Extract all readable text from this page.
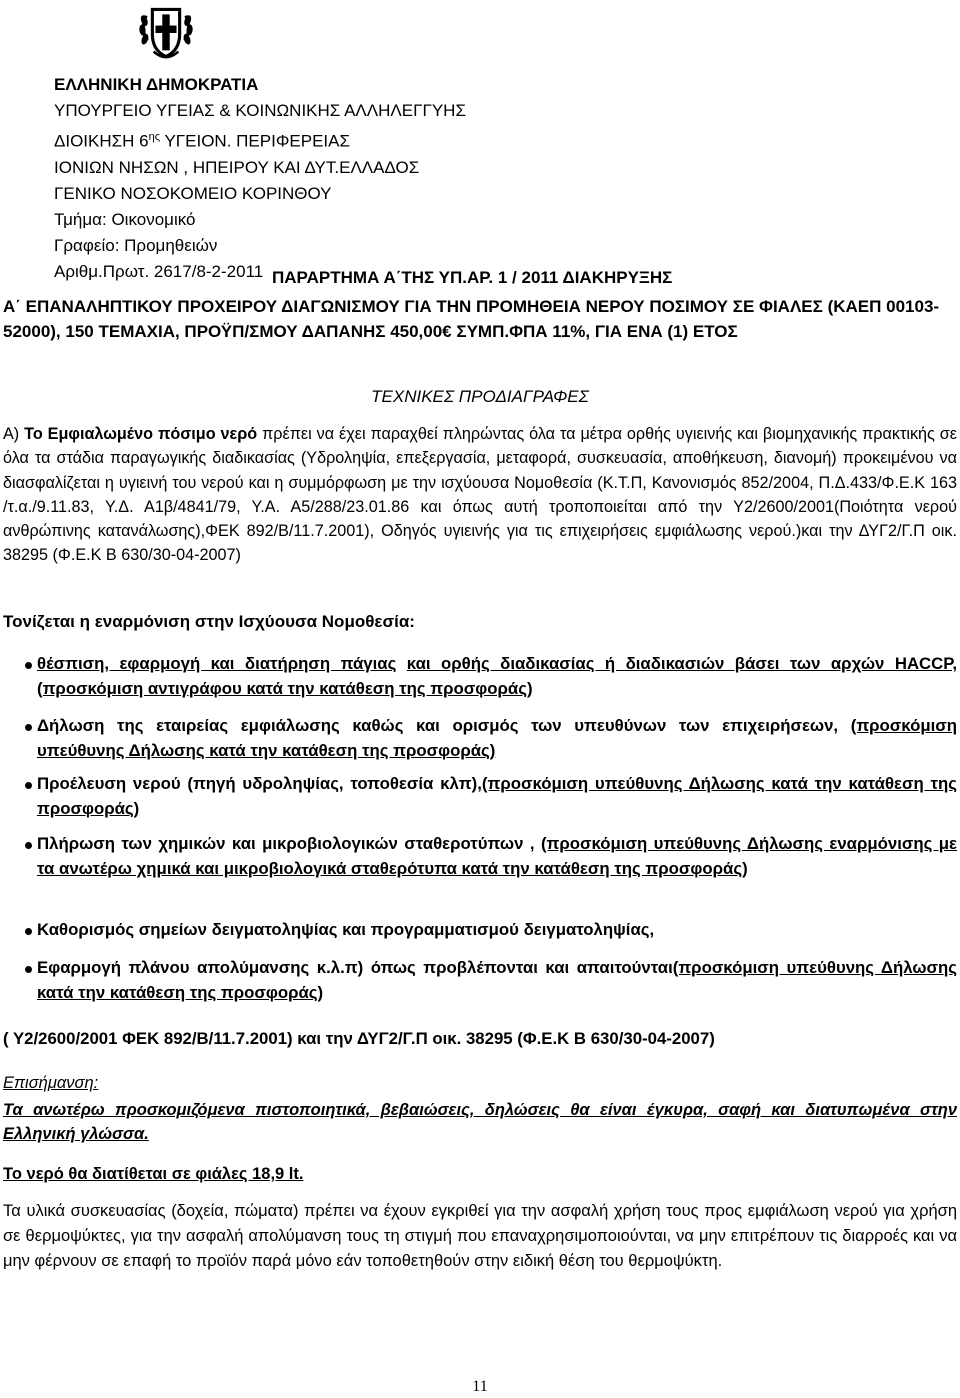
ΕΛΛΗΝΙΚΗ ΔΗΜΟΚΡΑΤΙΑ
ΥΠΟΥΡΓΕΙΟ ΥΓΕΙΑΣ & ΚΟΙΝΩΝΙΚΗΣ ΑΛΛΗΛΕΓΓΥΗΣ
ΔΙΟΙΚΗΣΗ $6^{\eta\varsigma}$ ΥΓΕΙΟΝ. ΠΕΡΙΦΕΡΕΙΑΣ
ΙΟΝΙΩΝ ΝΗΣΩΝ , ΗΠΕΙΡΟΥ ΚΑΙ ΔΥΤ.ΕΛΛΑΔΟΣ
ΓΕΝΙΚΟ ΝΟΣΟΚΟΜΕΙΟ ΚΟΡΙΝΘΟΥ
Τμήμα: Οικονομικό
Γραφείο: Προμηθειών
Αριθμ.Πρωτ. 2617/8-2-2011 ΠΑΡΑΡΤΗΜΑ Α΄ΤΗΣ ΥΠ.ΑΡ. 1 / 2011 ΔΙΑΚΗΡΥΞΗΣ
Α΄ ΕΠΑΝΑΛΗΠΤΙΚΟΥ ΠΡΟΧΕΙΡΟΥ ΔΙΑΓΩΝΙΣΜΟΥ ΓΙΑ ΤΗΝ ΠΡΟΜΗΘΕΙΑ ΝΕΡΟΥ ΠΟΣΙΜΟΥ ΣΕ ΦΙΑΛΕΣ (ΚΑΕΠ 00103-52000), 150 ΤΕΜΑΧΙΑ, ΠΡΟΫΠ/ΣΜΟΥ ΔΑΠΑΝΗΣ 450,00€ ΣΥΜΠ.ΦΠΑ 11%, ΓΙΑ ΕΝΑ (1) ΕΤΟΣ
ΤΕΧΝΙΚΕΣ ΠΡΟΔΙΑΓΡΑΦΕΣ
Α) Το Εμφιαλωμένο πόσιμο νερό πρέπει να έχει παραχθεί πληρώντας όλα τα μέτρα ορθής υγιεινής και βιομηχανικής πρακτικής σε όλα τα στάδια παραγωγικής διαδικασίας (Υδροληψία, επεξεργασία, μεταφορά, συσκευασία, αποθήκευση, διανομή) προκειμένου να διασφαλίζεται η υγιεινή του νερού και η συμμόρφωση με την ισχύουσα Νομοθεσία (Κ.Τ.Π, Κανονισμός 852/2004, Π.Δ.433/Φ.Ε.Κ 163 /τ.α./9.11.83, Υ.Δ. Α1β/4841/79, Υ.Α. Α5/288/23.01.86 και όπως αυτή τροποποιείται από την Υ2/2600/2001(Ποιότητα νερού ανθρώπινης κατανάλωσης),ΦΕΚ 892/Β/11.7.2001), Οδηγός υγιεινής για τις επιχειρήσεις εμφιάλωσης νερού.)και την ΔΥΓ2/Γ.Π οικ. 38295 (Φ.Ε.Κ Β 630/30-04-2007)
Τονίζεται η εναρμόνιση στην Ισχύουσα Νομοθεσία:
θέσπιση, εφαρμογή και διατήρηση πάγιας και ορθής διαδικασίας ή διαδικασιών βάσει των αρχών HACCP,(προσκόμιση αντιγράφου κατά την κατάθεση της προσφοράς)
Δήλωση της εταιρείας εμφιάλωσης καθώς και ορισμός των υπευθύνων των επιχειρήσεων, (προσκόμιση υπεύθυνης Δήλωσης κατά την κατάθεση της προσφοράς)
Προέλευση νερού (πηγή υδροληψίας, τοποθεσία κλπ),(προσκόμιση υπεύθυνης Δήλωσης κατά την κατάθεση της προσφοράς)
Πλήρωση των χημικών και μικροβιολογικών σταθεροτύπων , (προσκόμιση υπεύθυνης Δήλωσης εναρμόνισης με τα ανωτέρω χημικά και μικροβιολογικά σταθερότυπα κατά την κατάθεση της προσφοράς)
Καθορισμός σημείων δειγματοληψίας και προγραμματισμού δειγματοληψίας,
Εφαρμογή πλάνου απολύμανσης κ.λ.π) όπως προβλέπονται και απαιτούνται(προσκόμιση υπεύθυνης Δήλωσης κατά την κατάθεση της προσφοράς)
( Υ2/2600/2001 ΦΕΚ 892/Β/11.7.2001) και την ΔΥΓ2/Γ.Π οικ. 38295 (Φ.Ε.Κ Β 630/30-04-2007)
Επισήμανση:
Τα ανωτέρω προσκομιζόμενα πιστοποιητικά, βεβαιώσεις, δηλώσεις θα είναι έγκυρα, σαφή και διατυπωμένα στην Ελληνική γλώσσα.
Το νερό θα διατίθεται σε φιάλες 18,9 lt.
Τα υλικά συσκευασίας (δοχεία, πώματα) πρέπει να έχουν εγκριθεί για την ασφαλή χρήση τους προς εμφιάλωση νερού για χρήση σε θερμοψύκτες, για την ασφαλή απολύμανση τους τη στιγμή που επαναχρησιμοποιούνται, να μην επιτρέπουν τις διαρροές και να μην φέρνουν σε επαφή το προϊόν παρά μόνο εάν τοποθετηθούν στην ειδική θέση του θερμοψύκτη.
11
